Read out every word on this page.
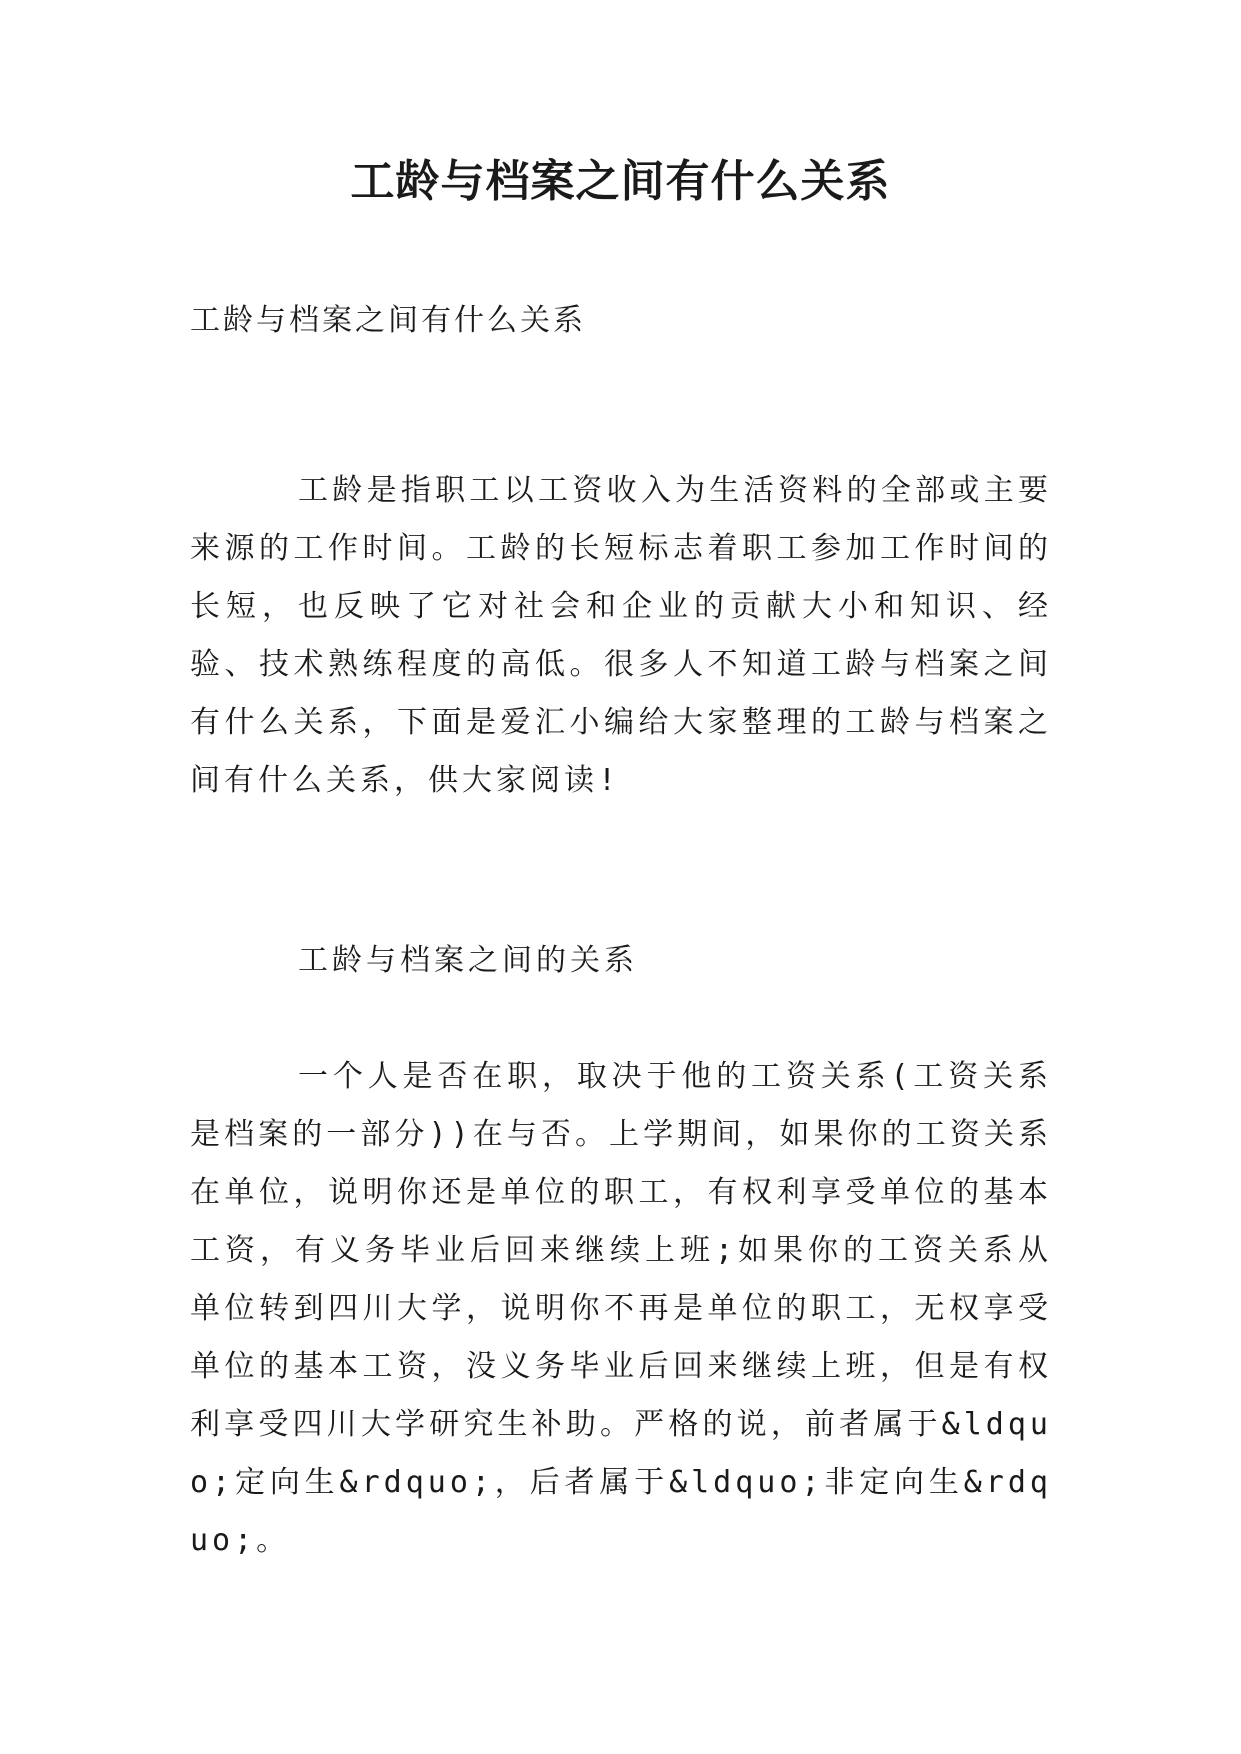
工龄与档案之间有什么关系

工龄与档案之间有什么关系

工龄是指职工以工资收入为生活资料的全部或主要来源的工作时间。工龄的长短标志着职工参加工作时间的长短，也反映了它对社会和企业的贡献大小和知识、经验、技术熟练程度的高低。很多人不知道工龄与档案之间有什么关系，下面是爱汇小编给大家整理的工龄与档案之间有什么关系，供大家阅读!

工龄与档案之间的关系

一个人是否在职，取决于他的工资关系(工资关系是档案的一部分))在与否。上学期间，如果你的工资关系在单位，说明你还是单位的职工，有权利享受单位的基本工资，有义务毕业后回来继续上班;如果你的工资关系从单位转到四川大学，说明你不再是单位的职工，无权享受单位的基本工资，没义务毕业后回来继续上班，但是有权利享受四川大学研究生补助。严格的说，前者属于&ldquo;定向生&rdquo;，后者属于&ldquo;非定向生&rdquo;。
